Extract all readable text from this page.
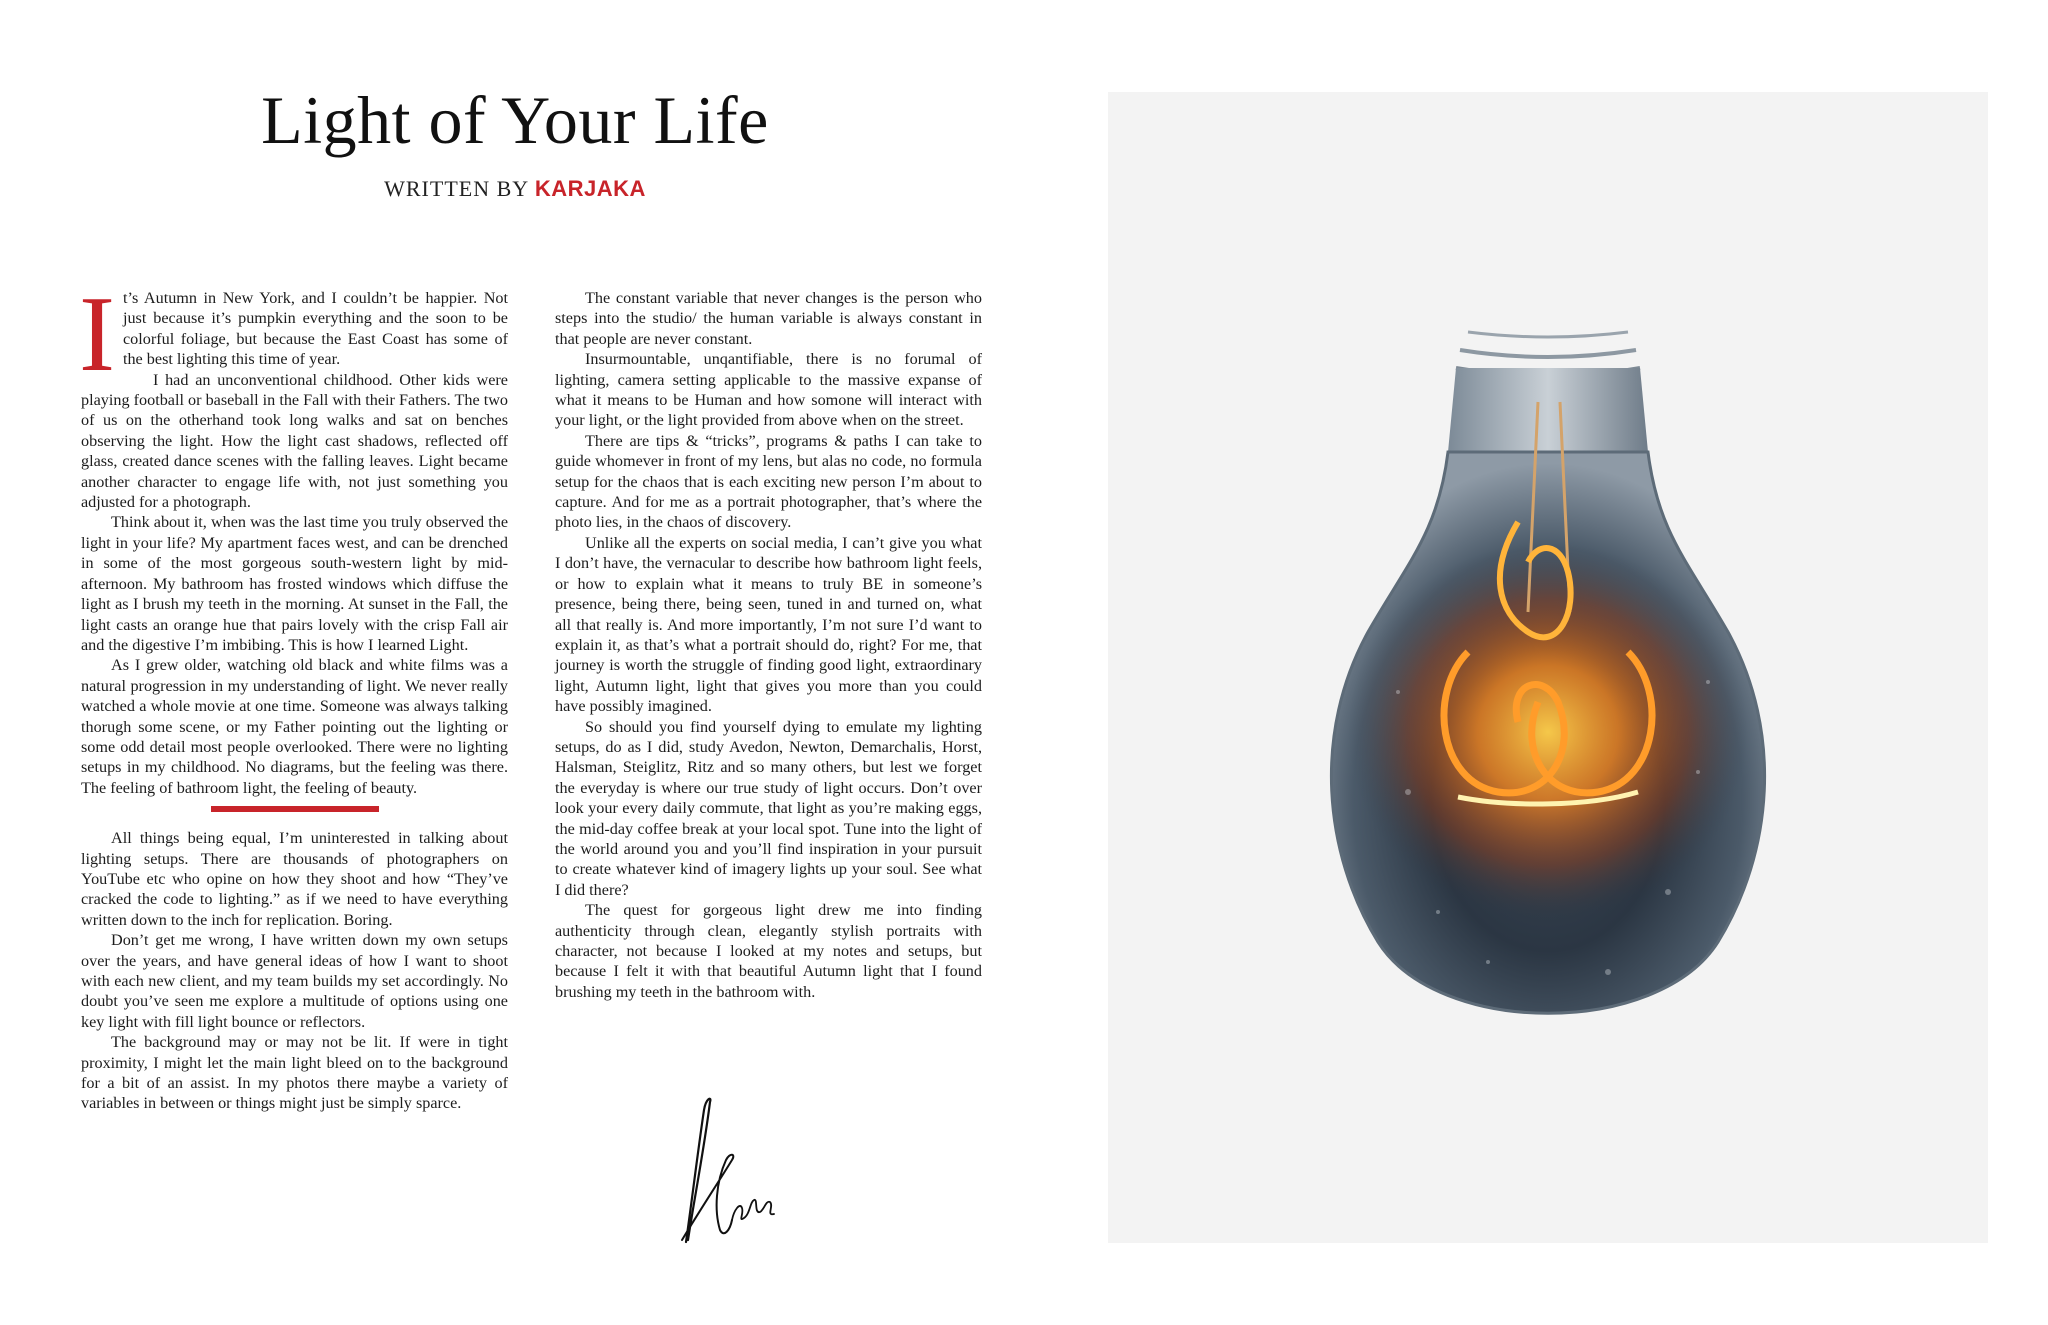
Light of Your Life
WRITTEN BY KARJAKA

It’s Autumn in New York, and I couldn’t be happier. Not just because it’s pumpkin everything and the soon to be colorful foliage, but because the East Coast has some of the best lighting this time of year.

I had an unconventional childhood. Other kids were playing football or baseball in the Fall with their Fathers. The two of us on the otherhand took long walks and sat on benches observing the light. How the light cast shadows, reflected off glass, created dance scenes with the falling leaves. Light became another character to engage life with, not just something you adjusted for a photograph.

Think about it, when was the last time you truly observed the light in your life? My apartment faces west, and can be drenched in some of the most gorgeous south-western light by mid-afternoon. My bathroom has frosted windows which diffuse the light as I brush my teeth in the morning. At sunset in the Fall, the light casts an orange hue that pairs lovely with the crisp Fall air and the digestive I’m imbibing. This is how I learned Light.

As I grew older, watching old black and white films was a natural progression in my understanding of light. We never really watched a whole movie at one time. Someone was always talking thorugh some scene, or my Father pointing out the lighting or some odd detail most people overlooked. There were no lighting setups in my childhood. No diagrams, but the feeling was there. The feeling of bathroom light, the feeling of beauty.

All things being equal, I’m uninterested in talking about lighting setups. There are thousands of photographers on YouTube etc who opine on how they shoot and how “They’ve cracked the code to lighting.” as if we need to have everything written down to the inch for replication. Boring.

Don’t get me wrong, I have written down my own setups over the years, and have general ideas of how I want to shoot with each new client, and my team builds my set accordingly. No doubt you’ve seen me explore a multitude of options using one key light with fill light bounce or reflectors.

The background may or may not be lit. If were in tight proximity, I might let the main light bleed on to the background for a bit of an assist. In my photos there maybe a variety of variables in between or things might just be simply sparce.

The constant variable that never changes is the person who steps into the studio/ the human variable is always constant in that people are never constant.

Insurmountable, unqantifiable, there is no forumal of lighting, camera setting applicable to the massive expanse of what it means to be Human and how somone will interact with your light, or the light provided from above when on the street.

There are tips & “tricks”, programs & paths I can take to guide whomever in front of my lens, but alas no code, no formula setup for the chaos that is each exciting new person I’m about to capture. And for me as a portrait photographer, that’s where the photo lies, in the chaos of discovery.

Unlike all the experts on social media, I can’t give you what I don’t have, the vernacular to describe how bathroom light feels, or how to explain what it means to truly BE in someone’s presence, being there, being seen, tuned in and turned on, what all that really is. And more importantly, I’m not sure I’d want to explain it, as that’s what a portrait should do, right? For me, that journey is worth the struggle of finding good light, extraordinary light, Autumn light, light that gives you more than you could have possibly imagined.

So should you find yourself dying to emulate my lighting setups, do as I did, study Avedon, Newton, Demarchalis, Horst, Halsman, Steiglitz, Ritz and so many others, but lest we forget the everyday is where our true study of light occurs. Don’t over look your every daily commute, that light as you’re making eggs, the mid-day coffee break at your local spot. Tune into the light of the world around you and you’ll find inspiration in your pursuit to create whatever kind of imagery lights up your soul. See what I did there?

The quest for gorgeous light drew me into finding authenticity through clean, elegantly stylish portraits with character, not because I looked at my notes and setups, but because I felt it with that beautiful Autumn light that I found brushing my teeth in the bathroom with.
